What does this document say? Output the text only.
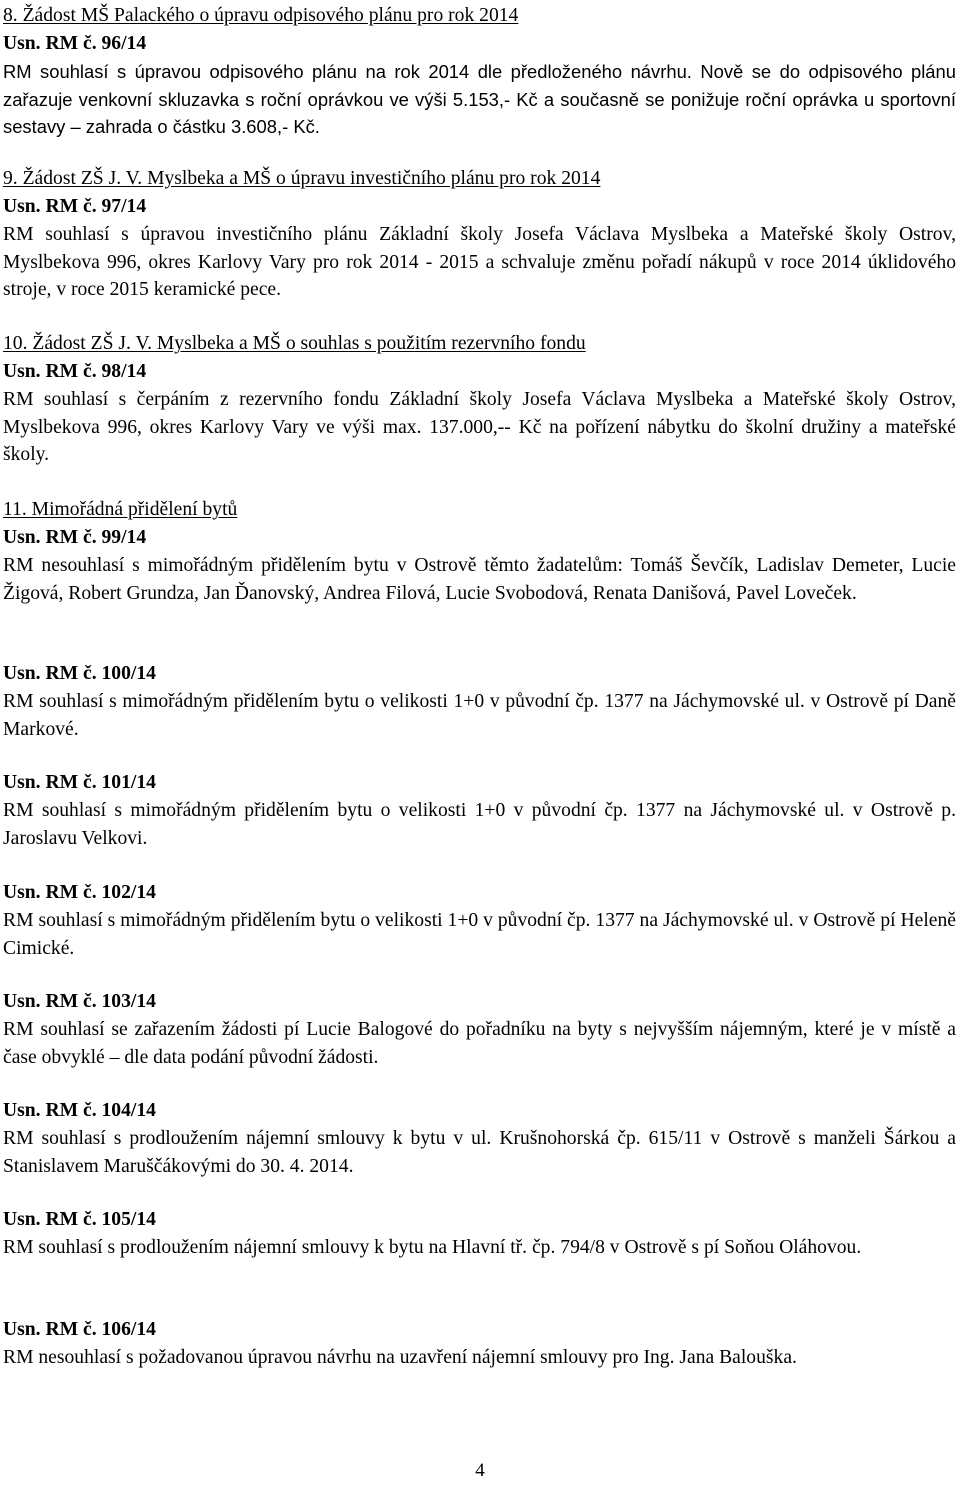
8. Žádost MŠ Palackého o úpravu odpisového plánu pro rok 2014
Usn. RM č. 96/14

RM souhlasí s úpravou odpisového plánu na rok 2014 dle předloženého návrhu. Nově se do odpisového plánu zařazuje venkovní skluzavka s roční oprávkou ve výši 5.153,- Kč a současně se ponižuje roční oprávka u sportovní sestavy – zahrada o částku 3.608,- Kč.

9. Žádost ZŠ J. V. Myslbeka a MŠ o úpravu investičního plánu pro rok 2014
Usn. RM č. 97/14

RM souhlasí s úpravou investičního plánu Základní školy Josefa Václava Myslbeka a Mateřské školy Ostrov, Myslbekova 996, okres Karlovy Vary pro rok 2014 - 2015 a schvaluje změnu pořadí nákupů v roce 2014 úklidového stroje, v roce 2015 keramické pece.

10. Žádost ZŠ J. V. Myslbeka a MŠ o souhlas s použitím rezervního fondu
Usn. RM č. 98/14

RM souhlasí s čerpáním z rezervního fondu Základní školy Josefa Václava Myslbeka a Mateřské školy Ostrov, Myslbekova 996, okres Karlovy Vary ve výši max. 137.000,-- Kč na pořízení nábytku do školní družiny a mateřské školy.

11. Mimořádná přidělení bytů
Usn. RM č. 99/14

RM nesouhlasí s mimořádným přidělením bytu v Ostrově těmto žadatelům: Tomáš Ševčík, Ladislav Demeter, Lucie Žigová, Robert Grundza, Jan Ďanovský, Andrea Filová, Lucie Svobodová, Renata Danišová, Pavel Loveček.

Usn. RM č. 100/14

RM souhlasí s mimořádným přidělením bytu o velikosti 1+0 v původní čp. 1377 na Jáchymovské ul. v Ostrově pí Daně Markové.

Usn. RM č. 101/14

RM souhlasí s mimořádným přidělením bytu o velikosti 1+0 v původní čp. 1377 na Jáchymovské ul. v Ostrově p. Jaroslavu Velkovi.

Usn. RM č. 102/14

RM souhlasí s mimořádným přidělením bytu o velikosti 1+0 v původní čp. 1377 na Jáchymovské ul. v Ostrově pí Heleně Cimické.

Usn. RM č. 103/14

RM souhlasí se zařazením žádosti pí Lucie Balogové do pořadníku na byty s nejvyšším nájemným, které je v místě a čase obvyklé – dle data podání původní žádosti.

Usn. RM č. 104/14

RM souhlasí s prodloužením nájemní smlouvy k bytu v ul. Krušnohorská čp. 615/11 v Ostrově s manželi Šárkou a Stanislavem Maruščákovými do 30. 4. 2014.

Usn. RM č. 105/14

RM souhlasí s prodloužením nájemní smlouvy k bytu na Hlavní tř. čp. 794/8 v Ostrově s pí Soňou Oláhovou.

Usn. RM č. 106/14

RM nesouhlasí s požadovanou úpravou návrhu na uzavření nájemní smlouvy pro Ing. Jana Balouška.

4
